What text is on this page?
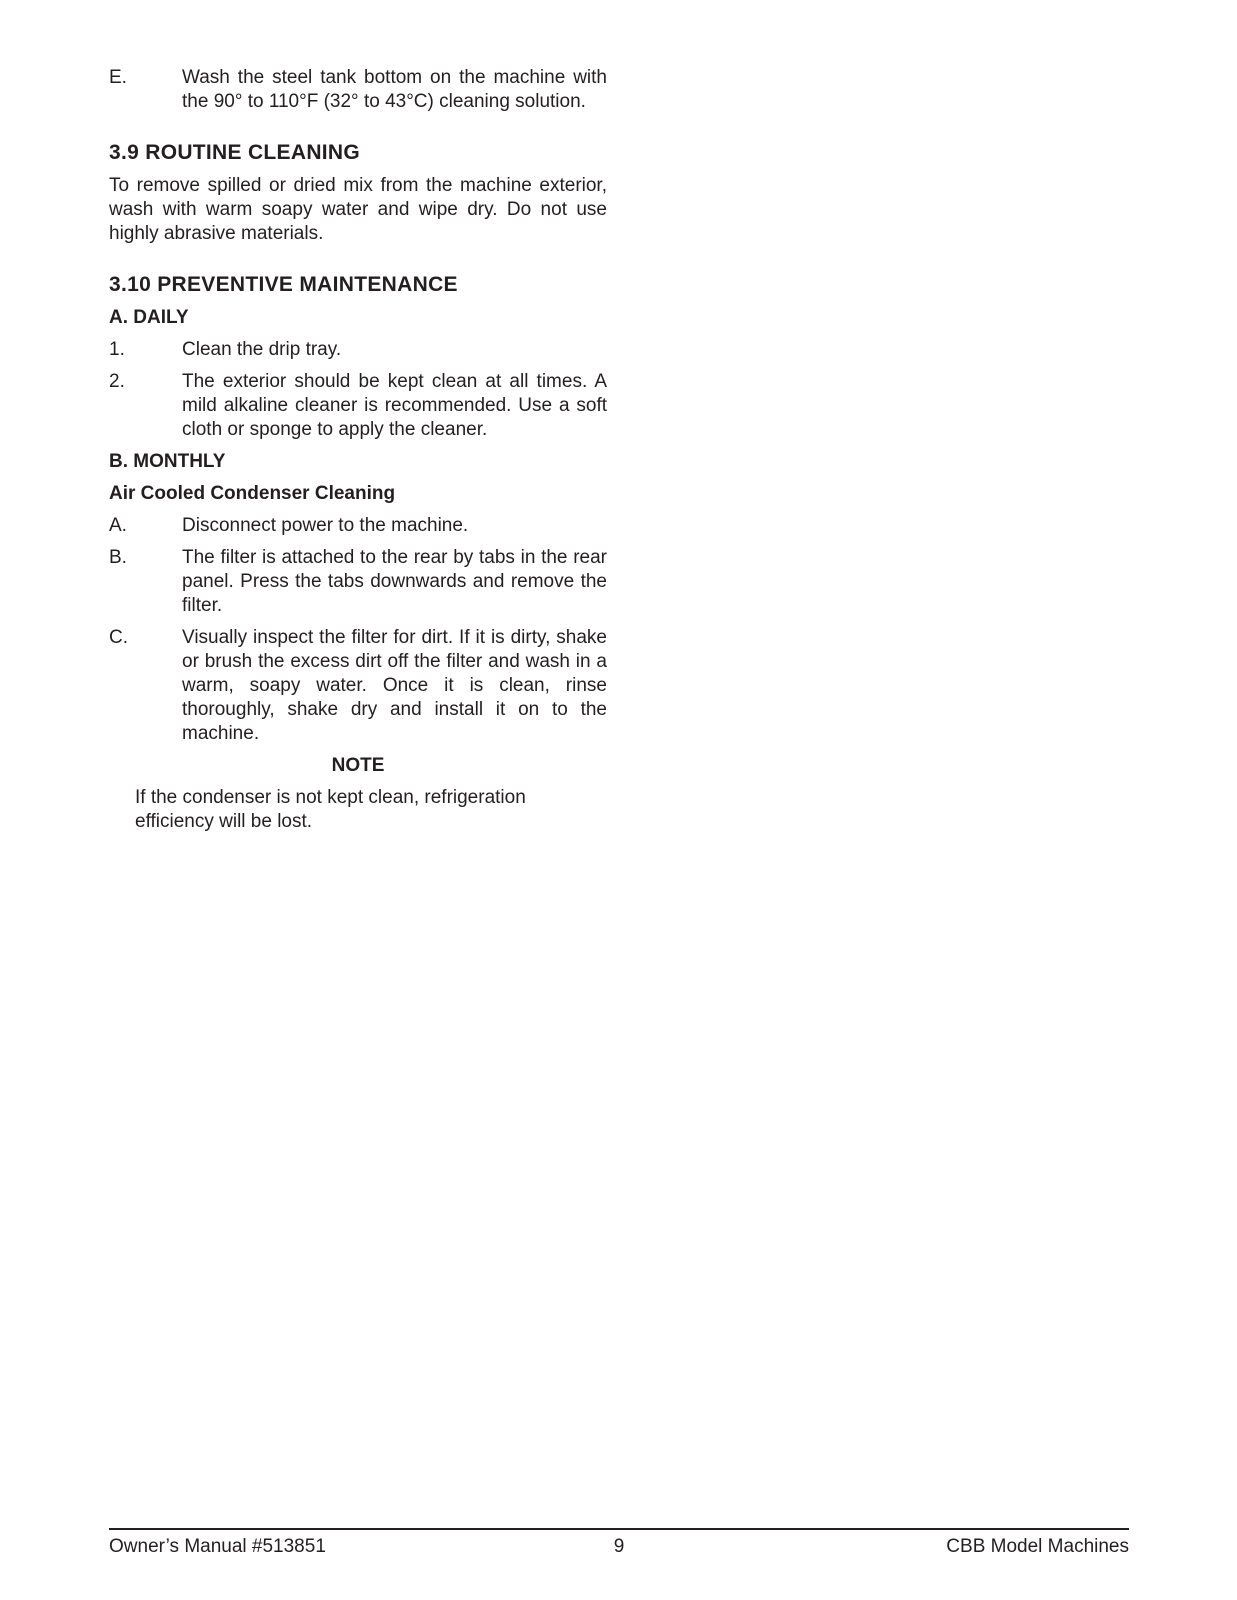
E.	Wash the steel tank bottom on the machine with the 90° to 110°F (32° to 43°C) cleaning solution.
3.9 ROUTINE CLEANING
To remove spilled or dried mix from the machine exterior, wash with warm soapy water and wipe dry. Do not use highly abrasive materials.
3.10 PREVENTIVE MAINTENANCE
A. DAILY
1.	Clean the drip tray.
2.	The exterior should be kept clean at all times. A mild alkaline cleaner is recommended. Use a soft cloth or sponge to apply the cleaner.
B. MONTHLY
Air Cooled Condenser Cleaning
A.	Disconnect power to the machine.
B.	The filter is attached to the rear by tabs in the rear panel. Press the tabs downwards and remove the filter.
C.	Visually inspect the filter for dirt. If it is dirty, shake or brush the excess dirt off the filter and wash in a warm, soapy water. Once it is clean, rinse thoroughly, shake dry and install it on to the machine.
NOTE
If the condenser is not kept clean, refrigeration efficiency will be lost.
Owner’s Manual #513851	9	CBB Model Machines
